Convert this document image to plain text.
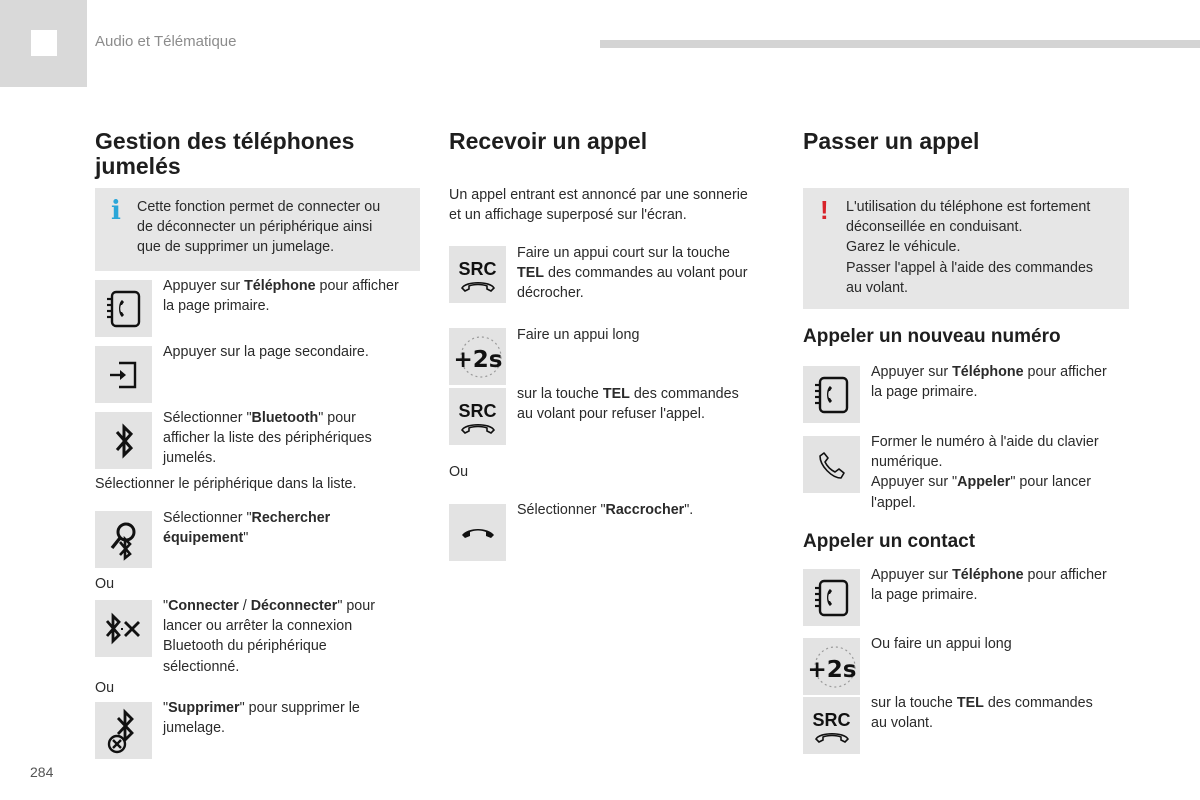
Audio et Télématique
284
Gestion des téléphones
jumelés
i Cette fonction permet de connecter ou
de déconnecter un périphérique ainsi
que de supprimer un jumelage.
Appuyer sur Téléphone pour afficher
la page primaire.
Appuyer sur la page secondaire.
Sélectionner "Bluetooth" pour
afficher la liste des périphériques
jumelés.
Sélectionner le périphérique dans la liste.
Sélectionner "Rechercher
équipement"
Ou
"Connecter / Déconnecter" pour
lancer ou arrêter la connexion
Bluetooth du périphérique
sélectionné.
Ou
"Supprimer" pour supprimer le
jumelage.
Recevoir un appel
Un appel entrant est annoncé par une sonnerie
et un affichage superposé sur l'écran.
SRC
Faire un appui court sur la touche
TEL des commandes au volant pour
décrocher.
+2s
Faire un appui long
SRC
sur la touche TEL des commandes
au volant pour refuser l'appel.
Ou
Sélectionner "Raccrocher".
Passer un appel
! L'utilisation du téléphone est fortement
déconseillée en conduisant.
Garez le véhicule.
Passer l'appel à l'aide des commandes
au volant.
Appeler un nouveau numéro
Appuyer sur Téléphone pour afficher
la page primaire.
Former le numéro à l'aide du clavier
numérique.
Appuyer sur "Appeler" pour lancer
l'appel.
Appeler un contact
Appuyer sur Téléphone pour afficher
la page primaire.
+2s
Ou faire un appui long
SRC
sur la touche TEL des commandes
au volant.
